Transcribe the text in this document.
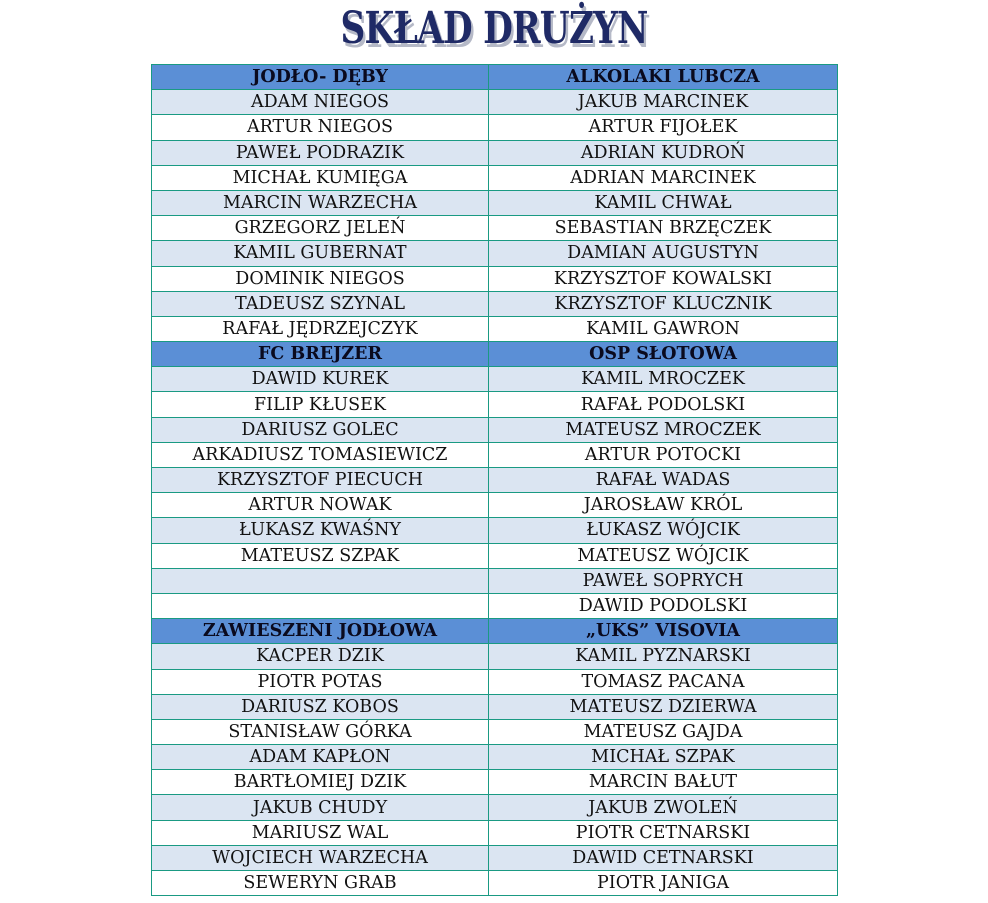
SKŁAD DRUŻYN
JODŁO- DĘBY	ALKOLAKI LUBCZA
ADAM NIEGOS	JAKUB MARCINEK
ARTUR NIEGOS	ARTUR FIJOŁEK
PAWEŁ PODRAZIK	ADRIAN KUDROŃ
MICHAŁ KUMIĘGA	ADRIAN MARCINEK
MARCIN WARZECHA	KAMIL CHWAŁ
GRZEGORZ JELEŃ	SEBASTIAN BRZĘCZEK
KAMIL GUBERNAT	DAMIAN AUGUSTYN
DOMINIK NIEGOS	KRZYSZTOF KOWALSKI
TADEUSZ SZYNAL	KRZYSZTOF KLUCZNIK
RAFAŁ JĘDRZEJCZYK	KAMIL GAWRON
FC BREJZER	OSP SŁOTOWA
DAWID KUREK	KAMIL MROCZEK
FILIP KŁUSEK	RAFAŁ PODOLSKI
DARIUSZ GOLEC	MATEUSZ MROCZEK
ARKADIUSZ TOMASIEWICZ	ARTUR POTOCKI
KRZYSZTOF PIECUCH	RAFAŁ WADAS
ARTUR NOWAK	JAROSŁAW KRÓL
ŁUKASZ KWAŚNY	ŁUKASZ WÓJCIK
MATEUSZ SZPAK	MATEUSZ WÓJCIK
	PAWEŁ SOPRYCH
	DAWID PODOLSKI
ZAWIESZENI JODŁOWA	„UKS” VISOVIA
KACPER DZIK	KAMIL PYZNARSKI
PIOTR POTAS	TOMASZ PACANA
DARIUSZ KOBOS	MATEUSZ DZIERWA
STANISŁAW GÓRKA	MATEUSZ GAJDA
ADAM KAPŁON	MICHAŁ SZPAK
BARTŁOMIEJ DZIK	MARCIN BAŁUT
JAKUB CHUDY	JAKUB ZWOLEŃ
MARIUSZ WAL	PIOTR CETNARSKI
WOJCIECH WARZECHA	DAWID CETNARSKI
SEWERYN GRAB	PIOTR JANIGA
